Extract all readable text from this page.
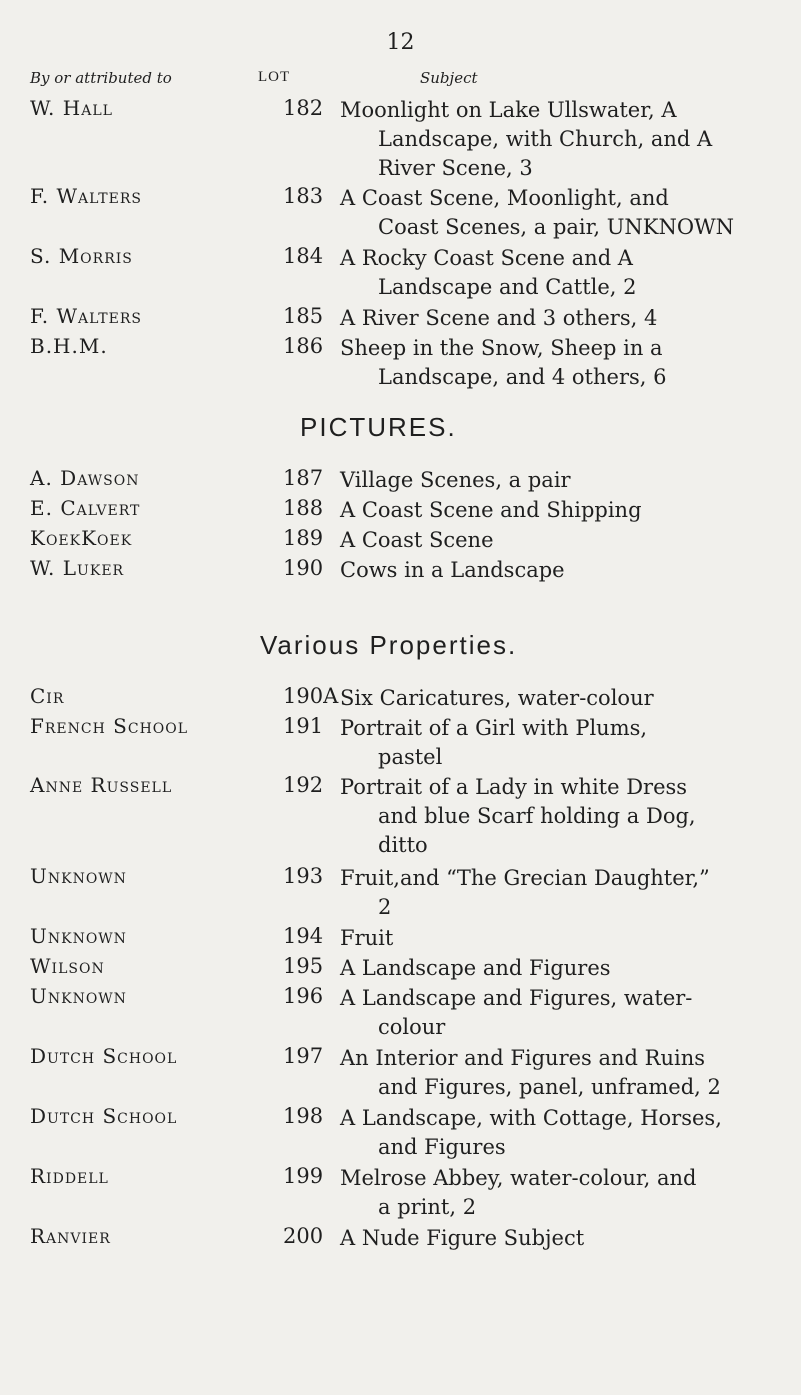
12
By or attributed to	LOT	Subject
W. Hall	182 Moonlight on Lake Ullswater, A
Landscape, with Church, and A
River Scene, 3
F. Walters	183 A Coast Scene, Moonlight, and
Coast Scenes, a pair, UNKNOWN
S. Morris	184 A Rocky Coast Scene and A
Landscape and Cattle, 2
F. Walters	185 A River Scene and 3 others, 4
B.H.M.	186 Sheep in the Snow, Sheep in a
Landscape, and 4 others, 6
PICTURES.
A. Dawson	187 Village Scenes, a pair
E. Calvert	188 A Coast Scene and Shipping
KoekKoek	189 A Coast Scene
W. Luker	190 Cows in a Landscape
Various Properties.
Cir	190A Six Caricatures, water-colour
French School	191 Portrait of a Girl with Plums,
pastel
Anne Russell	192 Portrait of a Lady in white Dress
and blue Scarf holding a Dog,
ditto
Unknown	193 Fruit,and “The Grecian Daughter,”
2
Unknown	194 Fruit
Wilson	195 A Landscape and Figures
Unknown	196 A Landscape and Figures, water-
colour
Dutch School	197 An Interior and Figures and Ruins
and Figures, panel, unframed, 2
Dutch School	198 A Landscape, with Cottage, Horses,
and Figures
Riddell	199 Melrose Abbey, water-colour, and
a print, 2
Ranvier	200 A Nude Figure Subject
